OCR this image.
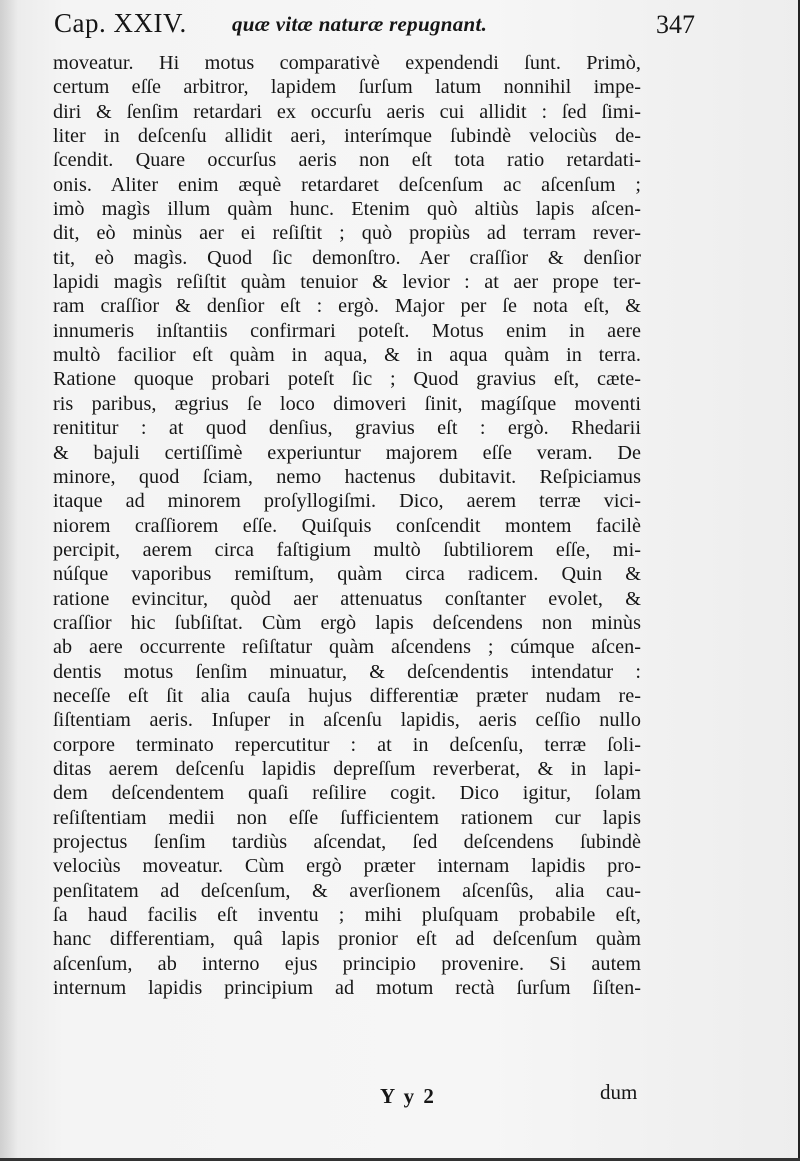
Cap. XXIV. quæ vitæ naturæ repugnant.	347
moveatur. Hi motus comparativè expendendi ſunt. Primò,
certum eſſe arbitror, lapidem ſurſum latum nonnihil impe-
diri & ſenſim retardari ex occurſu aeris cui allidit : ſed ſimi-
liter in deſcenſu allidit aeri, interímque ſubindè velociùs de-
ſcendit. Quare occurſus aeris non eſt tota ratio retardati-
onis. Aliter enim æquè retardaret deſcenſum ac aſcenſum ;
imò magìs illum quàm hunc. Etenim quò altiùs lapis aſcen-
dit, eò minùs aer ei reſiſtit ; quò propiùs ad terram rever-
tit, eò magìs. Quod ſic demonſtro. Aer craſſior & denſior
lapidi magìs reſiſtit quàm tenuior & levior : at aer prope ter-
ram craſſior & denſior eſt : ergò. Major per ſe nota eſt, &
innumeris inſtantiis confirmari poteſt. Motus enim in aere
multò facilior eſt quàm in aqua, & in aqua quàm in terra.
Ratione quoque probari poteſt ſic ; Quod gravius eſt, cæte-
ris paribus, ægrius ſe loco dimoveri ſinit, magíſque moventi
renititur : at quod denſius, gravius eſt : ergò. Rhedarii
& bajuli certiſſimè experiuntur majorem eſſe veram. De
minore, quod ſciam, nemo hactenus dubitavit. Reſpiciamus
itaque ad minorem proſyllogiſmi. Dico, aerem terræ vici-
niorem craſſiorem eſſe. Quiſquis conſcendit montem facilè
percipit, aerem circa faſtigium multò ſubtiliorem eſſe, mi-
núſque vaporibus remiſtum, quàm circa radicem. Quin &
ratione evincitur, quòd aer attenuatus conſtanter evolet, &
craſſior hic ſubſiſtat. Cùm ergò lapis deſcendens non minùs
ab aere occurrente reſiſtatur quàm aſcendens ; cúmque aſcen-
dentis motus ſenſim minuatur, & deſcendentis intendatur :
neceſſe eſt ſit alia cauſa hujus differentiæ præter nudam re-
ſiſtentiam aeris. Inſuper in aſcenſu lapidis, aeris ceſſio nullo
corpore terminato repercutitur : at in deſcenſu, terræ ſoli-
ditas aerem deſcenſu lapidis depreſſum reverberat, & in lapi-
dem deſcendentem quaſi reſilire cogit. Dico igitur, ſolam
reſiſtentiam medii non eſſe ſufficientem rationem cur lapis
projectus ſenſim tardiùs aſcendat, ſed deſcendens ſubindè
velociùs moveatur. Cùm ergò præter internam lapidis pro-
penſitatem ad deſcenſum, & averſionem aſcenſûs, alia cau-
ſa haud facilis eſt inventu ; mihi pluſquam probabile eſt,
hanc differentiam, quâ lapis pronior eſt ad deſcenſum quàm
aſcenſum, ab interno ejus principio provenire. Si autem
internum lapidis principium ad motum rectà ſurſum ſiſten-
Y y 2	dum
